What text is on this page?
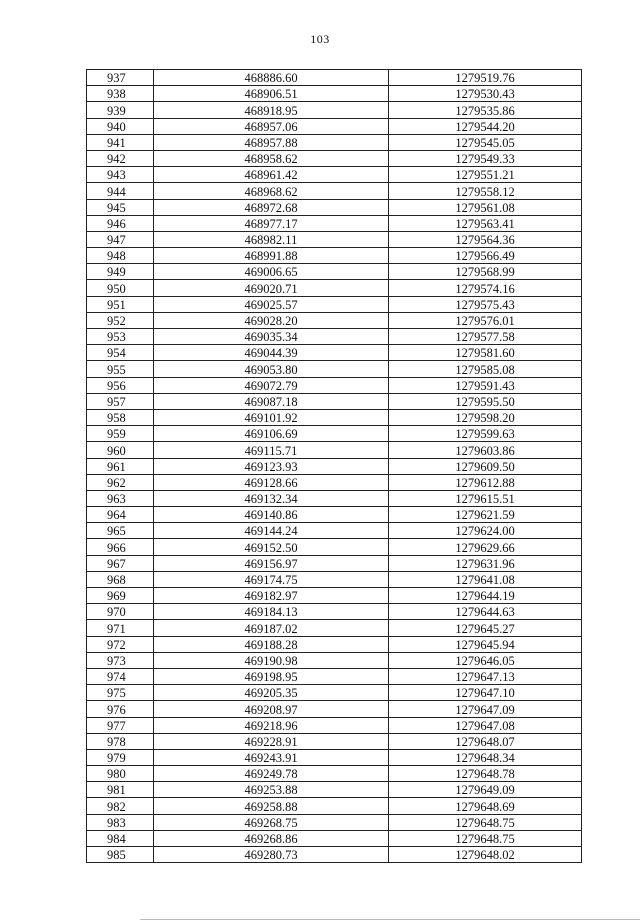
103
937	468886.60	1279519.76
938	468906.51	1279530.43
939	468918.95	1279535.86
940	468957.06	1279544.20
941	468957.88	1279545.05
942	468958.62	1279549.33
943	468961.42	1279551.21
944	468968.62	1279558.12
945	468972.68	1279561.08
946	468977.17	1279563.41
947	468982.11	1279564.36
948	468991.88	1279566.49
949	469006.65	1279568.99
950	469020.71	1279574.16
951	469025.57	1279575.43
952	469028.20	1279576.01
953	469035.34	1279577.58
954	469044.39	1279581.60
955	469053.80	1279585.08
956	469072.79	1279591.43
957	469087.18	1279595.50
958	469101.92	1279598.20
959	469106.69	1279599.63
960	469115.71	1279603.86
961	469123.93	1279609.50
962	469128.66	1279612.88
963	469132.34	1279615.51
964	469140.86	1279621.59
965	469144.24	1279624.00
966	469152.50	1279629.66
967	469156.97	1279631.96
968	469174.75	1279641.08
969	469182.97	1279644.19
970	469184.13	1279644.63
971	469187.02	1279645.27
972	469188.28	1279645.94
973	469190.98	1279646.05
974	469198.95	1279647.13
975	469205.35	1279647.10
976	469208.97	1279647.09
977	469218.96	1279647.08
978	469228.91	1279648.07
979	469243.91	1279648.34
980	469249.78	1279648.78
981	469253.88	1279649.09
982	469258.88	1279648.69
983	469268.75	1279648.75
984	469268.86	1279648.75
985	469280.73	1279648.02
